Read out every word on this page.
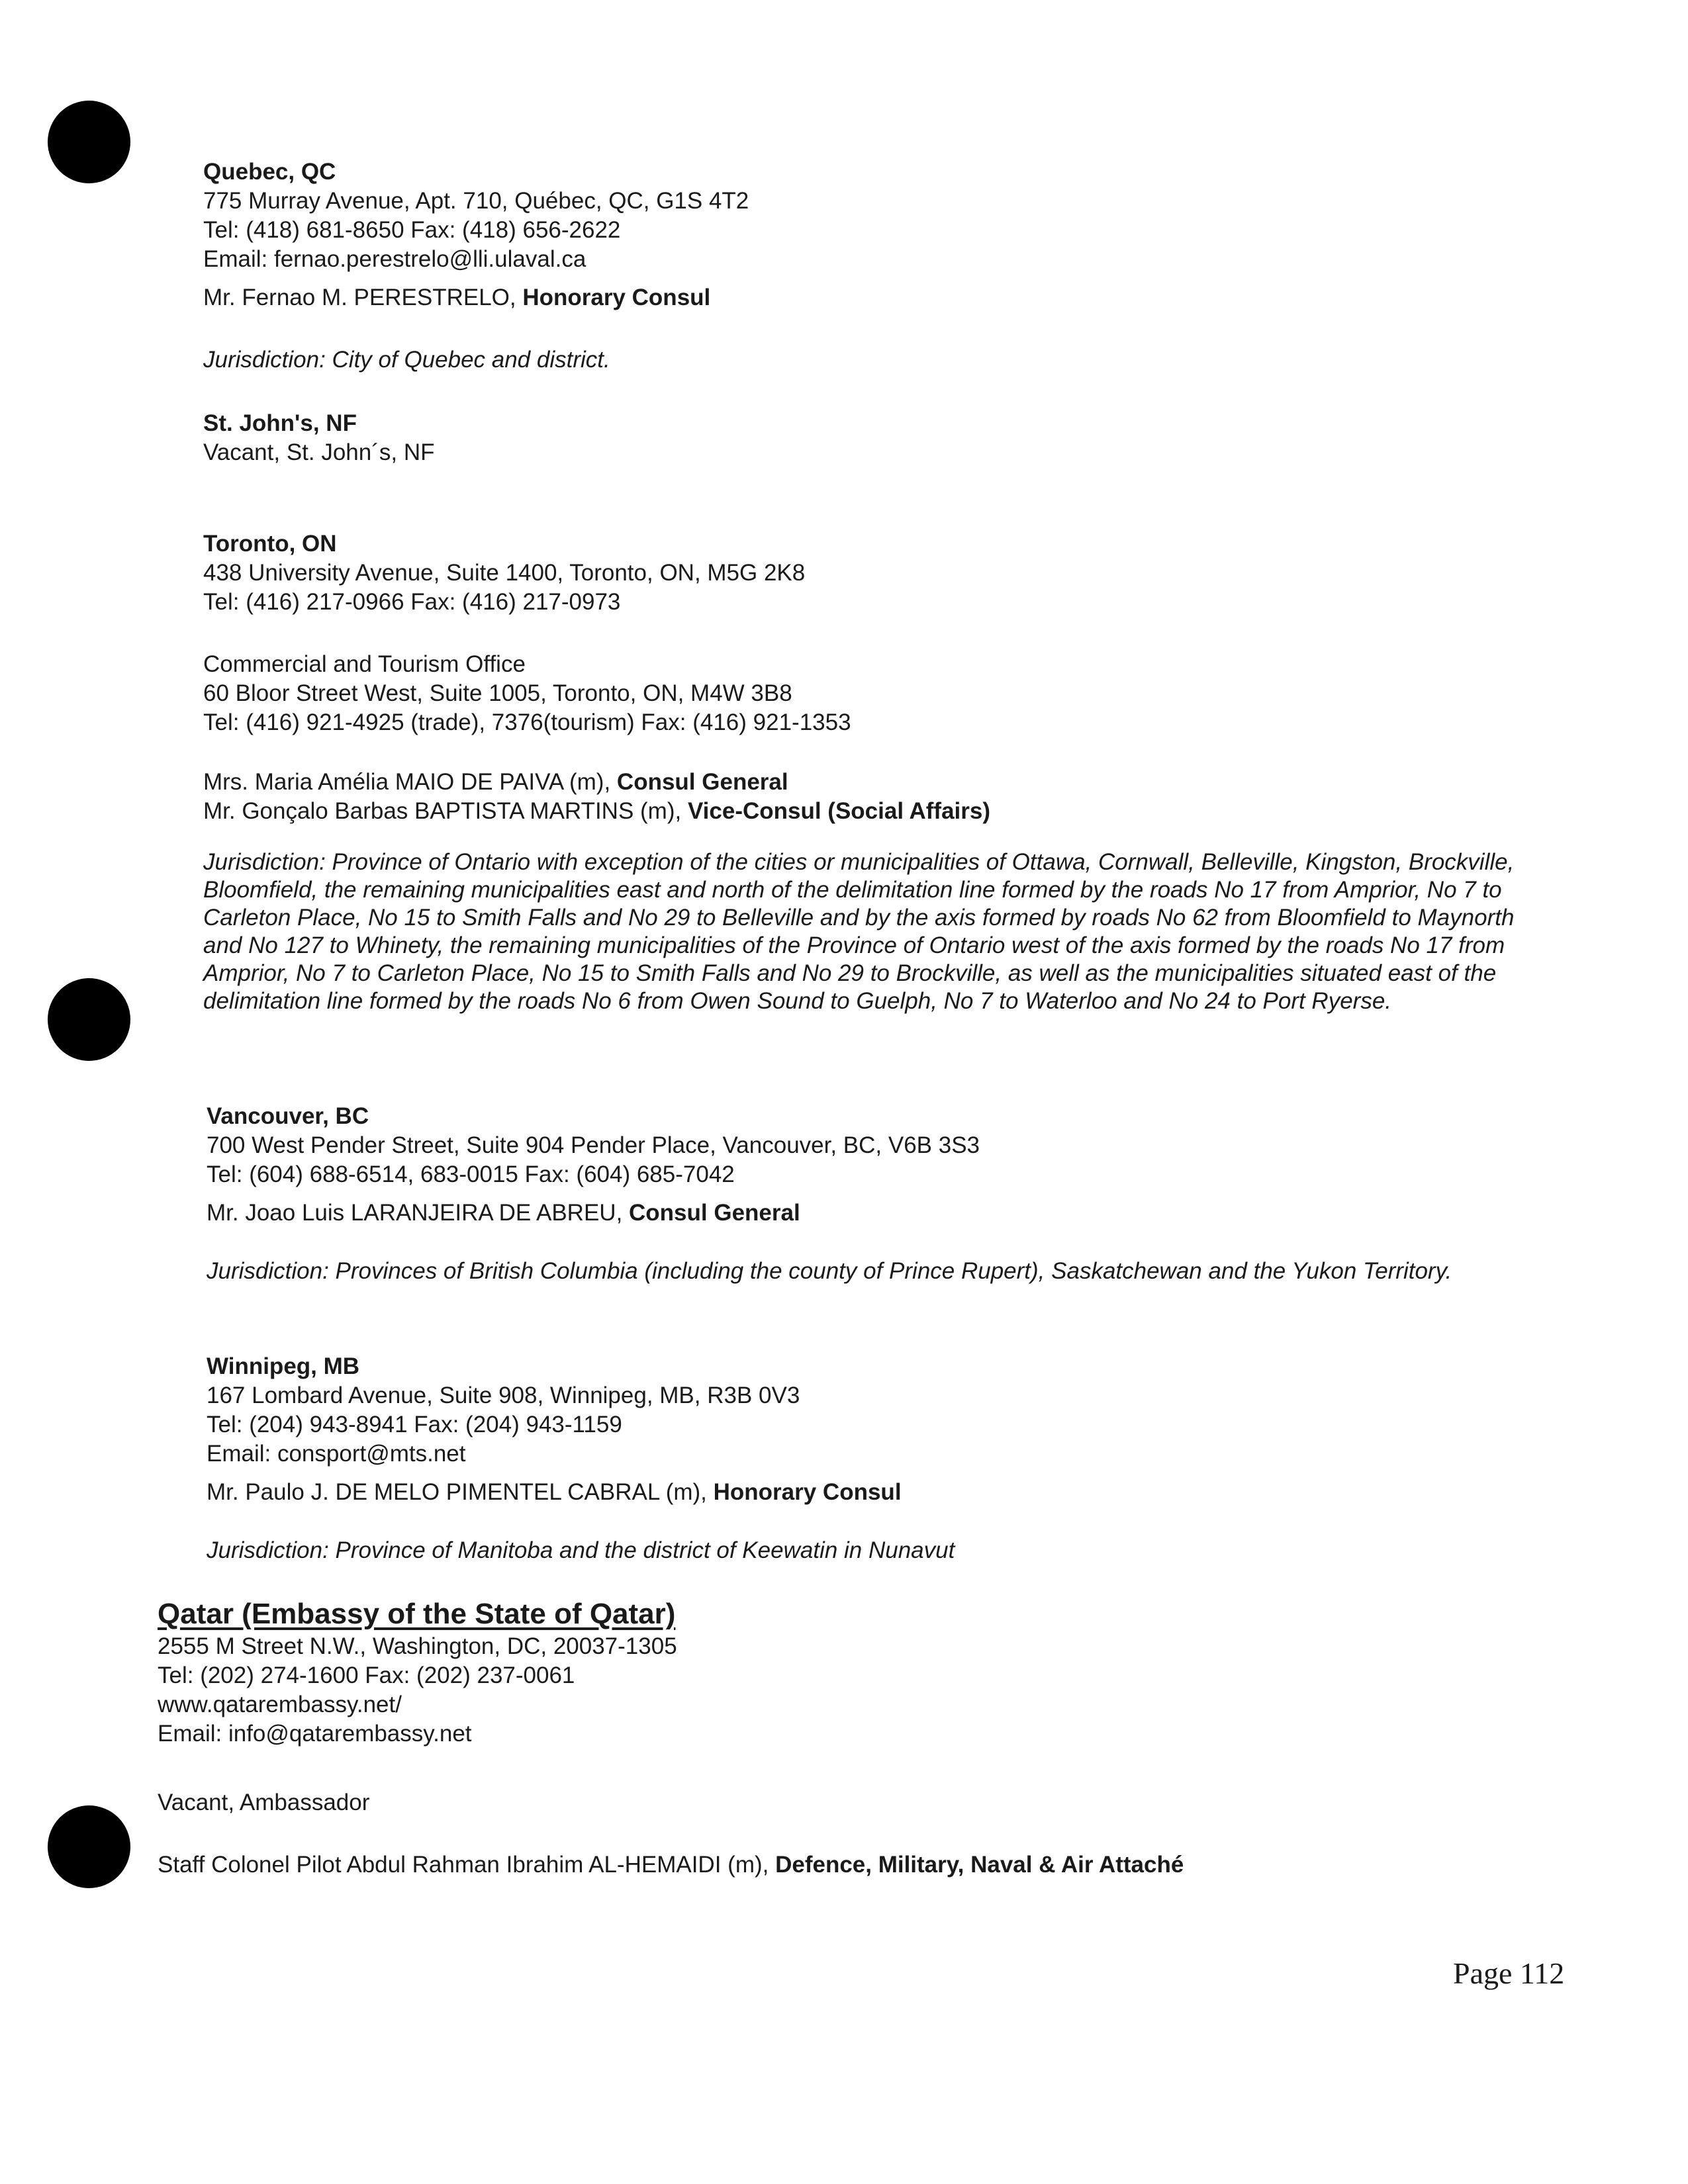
Quebec, QC
775 Murray Avenue, Apt. 710, Québec, QC, G1S 4T2
Tel: (418) 681-8650 Fax: (418) 656-2622
Email: fernao.perestrelo@lli.ulaval.ca
Mr. Fernao M. PERESTRELO, Honorary Consul
Jurisdiction: City of Quebec and district.
St. John's, NF
Vacant, St. John´s, NF
Toronto, ON
438 University Avenue, Suite 1400, Toronto, ON, M5G 2K8
Tel: (416) 217-0966 Fax: (416) 217-0973
Commercial and Tourism Office
60 Bloor Street West, Suite 1005, Toronto, ON, M4W 3B8
Tel: (416) 921-4925 (trade), 7376(tourism) Fax: (416) 921-1353
Mrs. Maria Amélia MAIO DE PAIVA (m), Consul General
Mr. Gonçalo Barbas BAPTISTA MARTINS (m), Vice-Consul (Social Affairs)
Jurisdiction: Province of Ontario with exception of the cities or municipalities of Ottawa, Cornwall, Belleville, Kingston, Brockville, Bloomfield, the remaining municipalities east and north of the delimitation line formed by the roads No 17 from Amprior, No 7 to Carleton Place, No 15 to Smith Falls and No 29 to Belleville and by the axis formed by roads No 62 from Bloomfield to Maynorth and No 127 to Whinety, the remaining municipalities of the Province of Ontario west of the axis formed by the roads No 17 from Amprior, No 7 to Carleton Place, No 15 to Smith Falls and No 29 to Brockville, as well as the municipalities situated east of the delimitation line formed by the roads No 6 from Owen Sound to Guelph, No 7 to Waterloo and No 24 to Port Ryerse.
Vancouver, BC
700 West Pender Street, Suite 904 Pender Place, Vancouver, BC, V6B 3S3
Tel: (604) 688-6514, 683-0015 Fax: (604) 685-7042
Mr. Joao Luis LARANJEIRA DE ABREU, Consul General
Jurisdiction: Provinces of British Columbia (including the county of Prince Rupert), Saskatchewan and the Yukon Territory.
Winnipeg, MB
167 Lombard Avenue, Suite 908, Winnipeg, MB, R3B 0V3
Tel: (204) 943-8941 Fax: (204) 943-1159
Email: consport@mts.net
Mr. Paulo J. DE MELO PIMENTEL CABRAL (m), Honorary Consul
Jurisdiction: Province of Manitoba and the district of Keewatin in Nunavut
Qatar (Embassy of the State of Qatar)
2555 M Street N.W., Washington, DC, 20037-1305
Tel: (202) 274-1600 Fax: (202) 237-0061
www.qatarembassy.net/
Email: info@qatarembassy.net
Vacant, Ambassador
Staff Colonel Pilot Abdul Rahman Ibrahim AL-HEMAIDI (m), Defence, Military, Naval & Air Attaché
Page 112
